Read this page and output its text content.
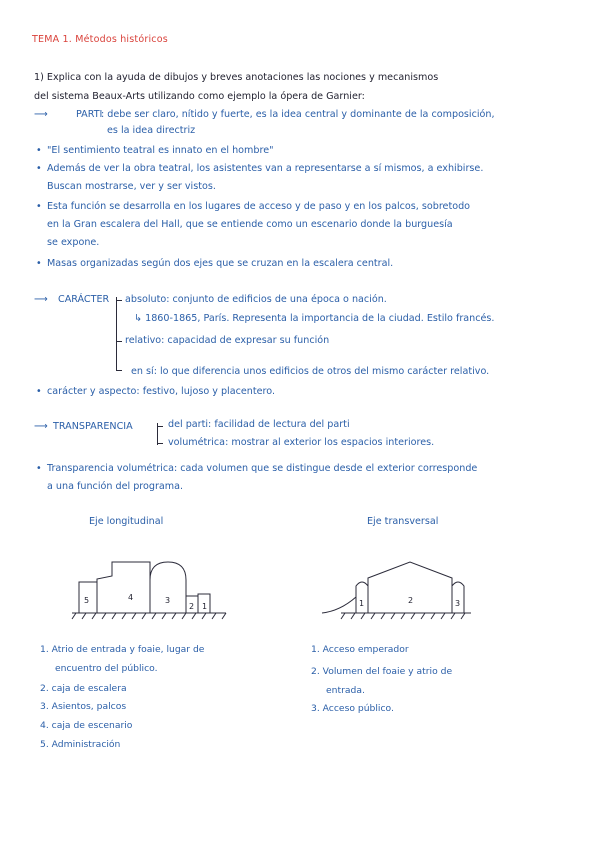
TEMA 1. Métodos históricos
1) Explica con la ayuda de dibujos y breves anotaciones las nociones y mecanismos
del sistema Beaux-Arts utilizando como ejemplo la ópera de Garnier:
⟶	PARTI
: debe ser claro, nítido y fuerte, es la idea central y dominante de la composición,
es la idea directriz
• "El sentimiento teatral es innato en el hombre"
• Además de ver la obra teatral, los asistentes van a representarse a sí mismos, a exhibirse.
Buscan mostrarse, ver y ser vistos.
• Esta función se desarrolla en los lugares de acceso y de paso y en los palcos, sobretodo
en la Gran escalera del Hall, que se entiende como un escenario donde la burguesía
se expone.
• Masas organizadas según dos ejes que se cruzan en la escalera central.
⟶ CARÁCTER absoluto: conjunto de edificios de una época o nación.
↳ 1860-1865, París. Representa la importancia de la ciudad. Estilo francés.
relativo: capacidad de expresar su función
en sí: lo que diferencia unos edificios de otros del mismo carácter relativo.
• carácter y aspecto: festivo, lujoso y placentero.
⟶ TRANSPARENCIA	del parti: facilidad de lectura del parti
volumétrica: mostrar al exterior los espacios interiores.
• Transparencia volumétrica: cada volumen que se distingue desde el exterior corresponde
a una función del programa.
Eje longitudinal	Eje transversal
5	4	3
2 1	1	2	3
1. Atrio de entrada y foaie, lugar de
encuentro del público.
2. caja de escalera
3. Asientos, palcos
4. caja de escenario
5. Administración
1. Acceso emperador
2. Volumen del foaie y atrio de
entrada.
3. Acceso público.
